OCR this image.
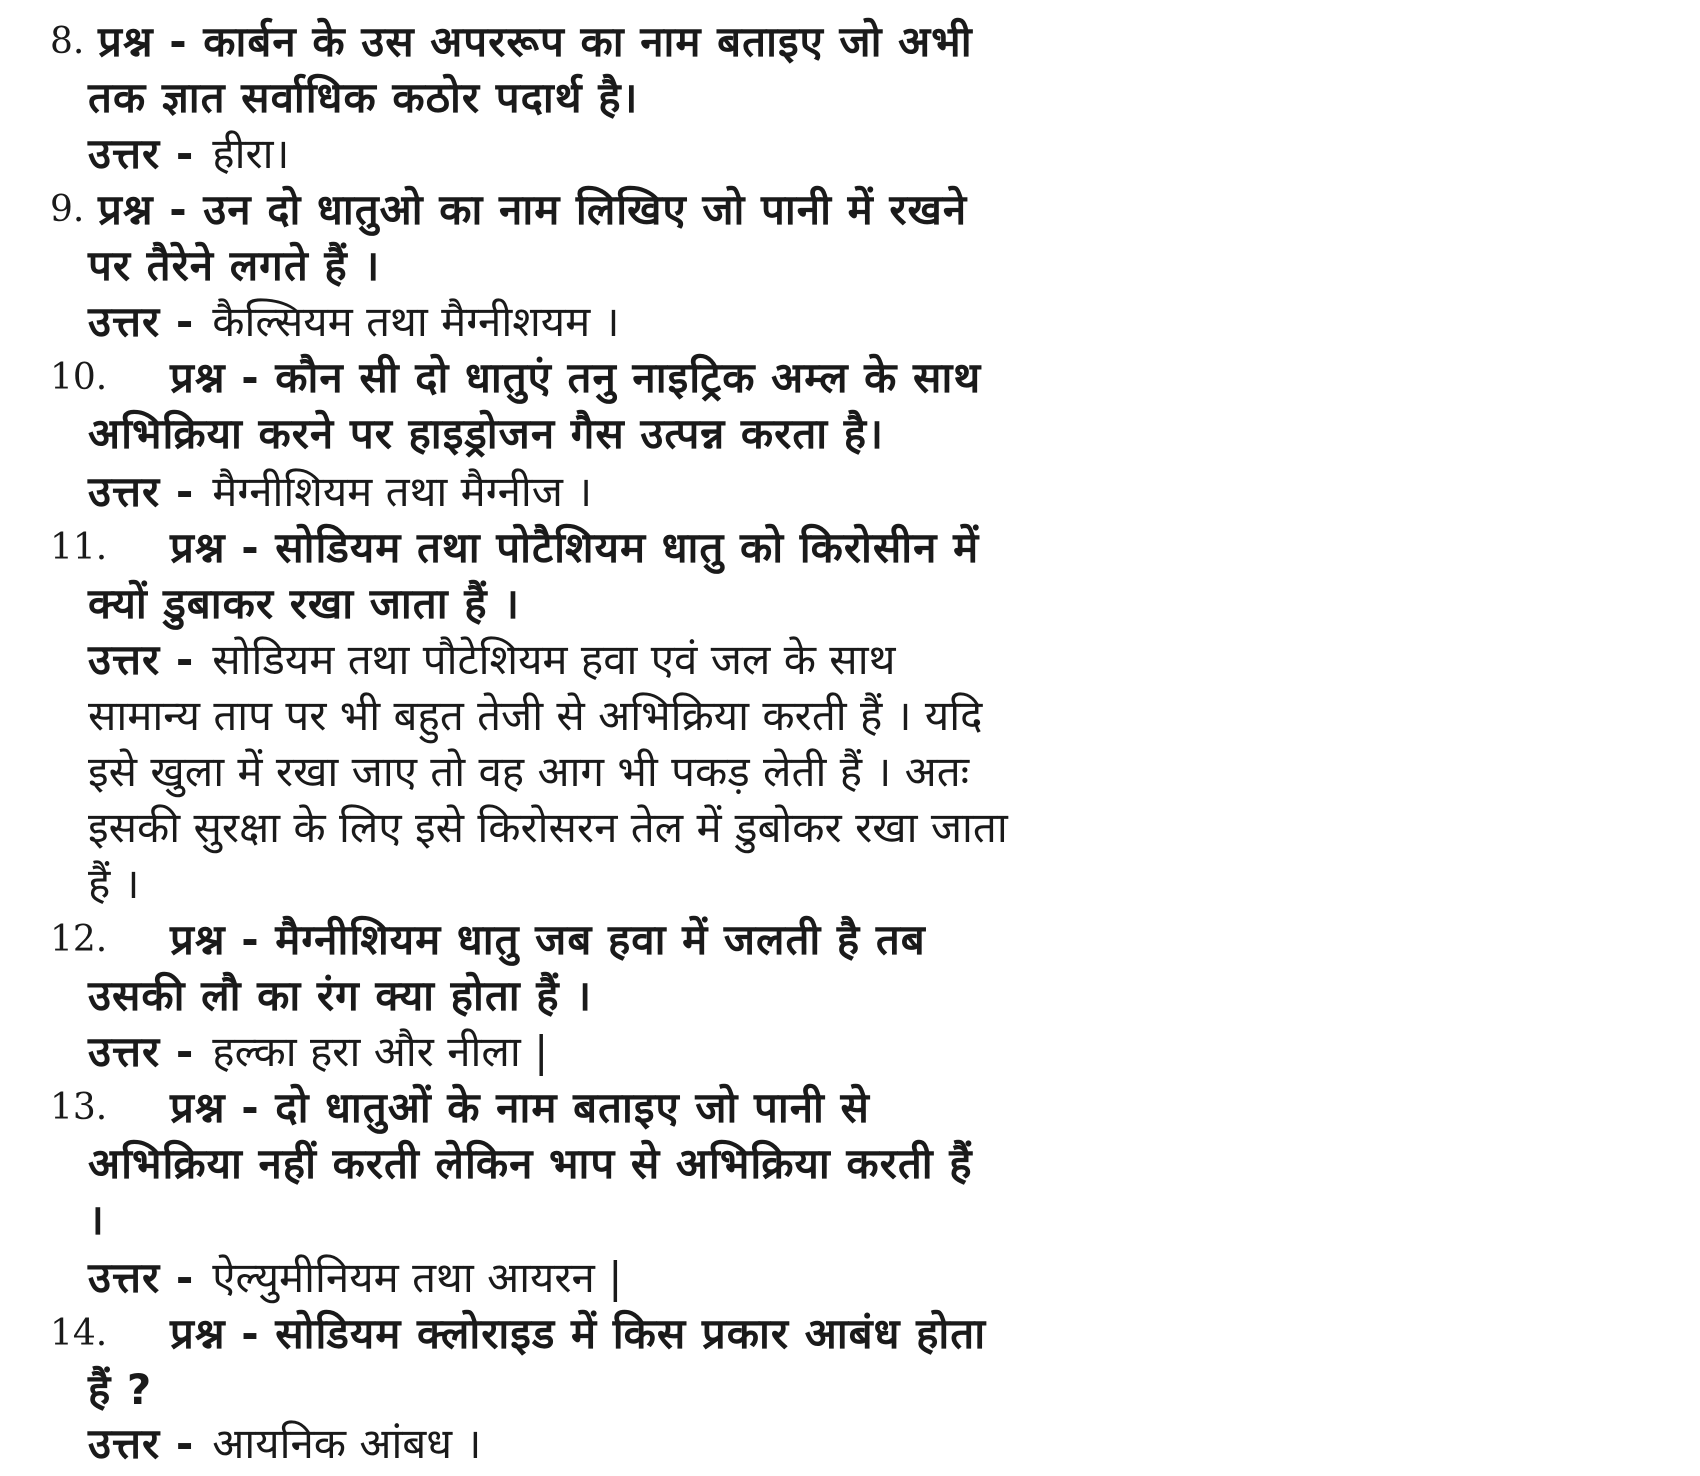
8. प्रश्न - कार्बन के उस अपररूप का नाम बताइए जो अभी
तक ज्ञात सर्वाधिक कठोर पदार्थ है।
उत्तर - हीरा।
9. प्रश्न - उन दो धातुओ का नाम लिखिए जो पानी में रखने
पर तैरेने लगते हैं ।
उत्तर - कैल्सियम तथा मैग्नीशयम ।
10. प्रश्न - कौन सी दो धातुएं तनु नाइट्रिक अम्ल के साथ
अभिक्रिया करने पर हाइड्रोजन गैस उत्पन्न करता है।
उत्तर - मैग्नीशियम तथा मैग्नीज ।
11. प्रश्न - सोडियम तथा पोटैशियम धातु को किरोसीन में
क्यों डुबाकर रखा जाता हैं ।
उत्तर - सोडियम तथा पौटेशियम हवा एवं जल के साथ
सामान्य ताप पर भी बहुत तेजी से अभिक्रिया करती हैं । यदि
इसे खुला में रखा जाए तो वह आग भी पकड़ लेती हैं । अतः
इसकी सुरक्षा के लिए इसे किरोसरन तेल में डुबोकर रखा जाता
हैं ।
12. प्रश्न - मैग्नीशियम धातु जब हवा में जलती है तब
उसकी लौ का रंग क्या होता हैं ।
उत्तर - हल्का हरा और नीला |
13. प्रश्न - दो धातुओं के नाम बताइए जो पानी से
अभिक्रिया नहीं करती लेकिन भाप से अभिक्रिया करती हैं
।
उत्तर - ऐल्युमीनियम तथा आयरन |
14. प्रश्न - सोडियम क्लोराइड में किस प्रकार आबंध होता
हैं ?
उत्तर - आयनिक आंबध ।
